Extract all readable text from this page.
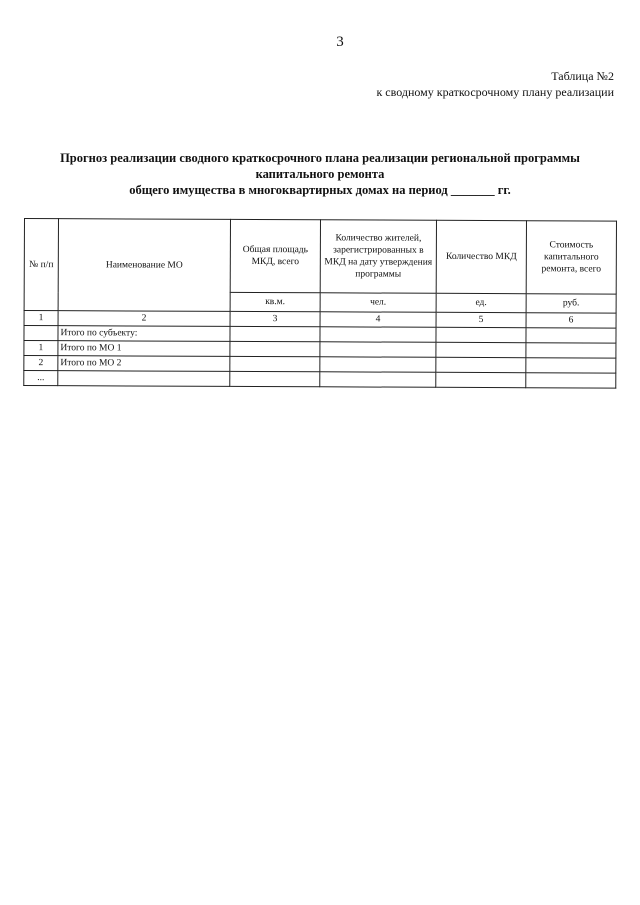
3
Таблица №2
к сводному краткосрочному плану реализации
Прогноз реализации сводного краткосрочного плана реализации региональной программы
капитального ремонта
общего имущества в многоквартирных домах на период _______ гг.
№ п/п	Наименование МО	Общая площадь МКД, всего	Количество жителей, зарегистрированных в МКД на дату утверждения программы	Количество МКД	Стоимость капитального ремонта, всего
		кв.м.	чел.	ед.	руб.
1	2	3	4	5	6
	Итого по субъекту:				
1	Итого по МО 1				
2	Итого по МО 2				
...					
